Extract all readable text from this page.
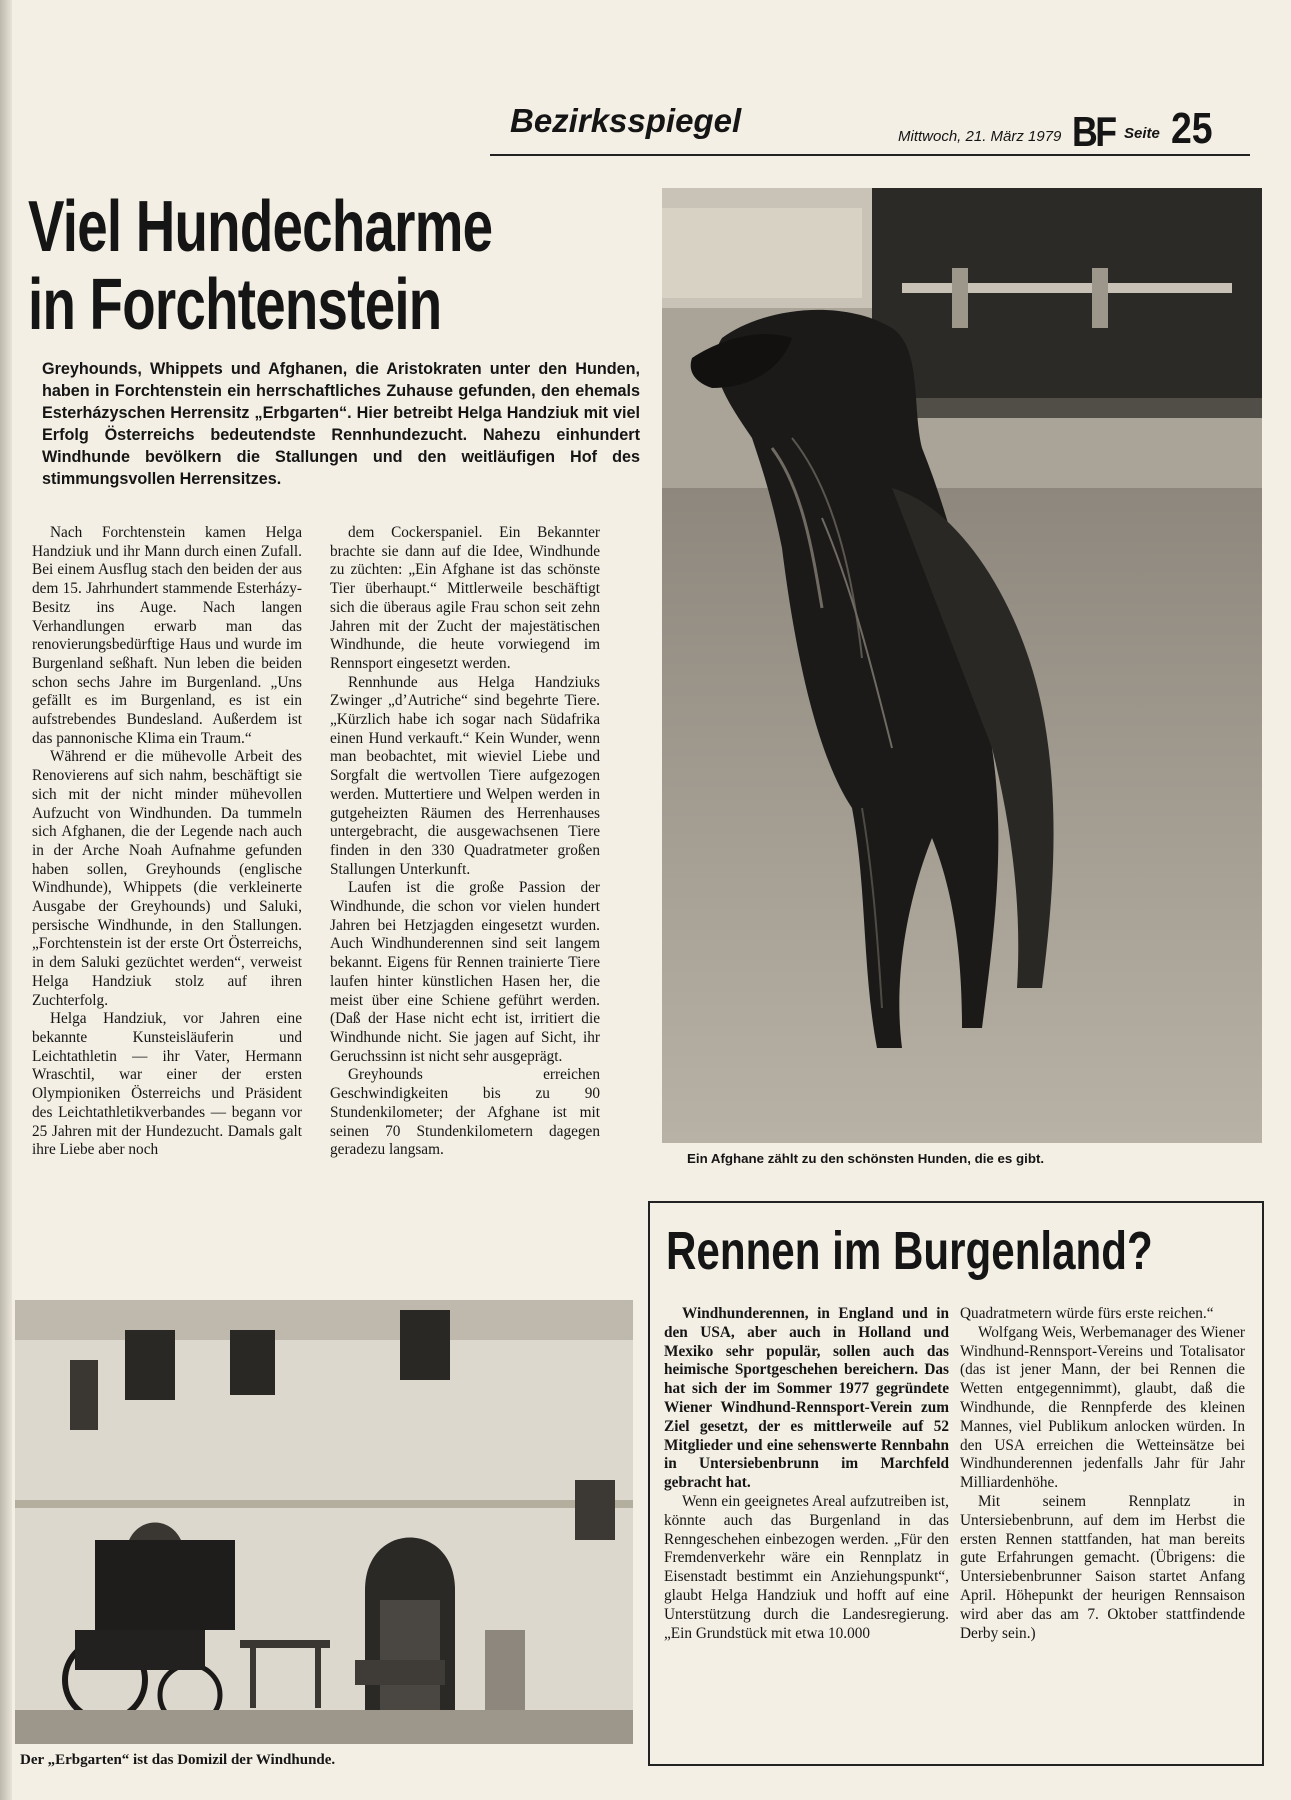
Bezirksspiegel	Mittwoch, 21. März 1979 BF Seite 25
Viel Hundecharme
in Forchtenstein
Greyhounds, Whippets und Afghanen, die Aristokraten unter den Hunden, haben in Forchtenstein ein herrschaftliches Zuhause gefunden, den ehemals Esterházyschen Herrensitz „Erbgarten“. Hier betreibt Helga Handziuk mit viel Erfolg Österreichs bedeutendste Rennhundezucht. Nahezu einhundert Windhunde bevölkern die Stallungen und den weitläufigen Hof des stimmungsvollen Herrensitzes.

Nach Forchtenstein kamen Helga Handziuk und ihr Mann durch einen Zufall. Bei einem Ausflug stach den beiden der aus dem 15. Jahrhundert stammende Esterházy-Besitz ins Auge. Nach langen Verhandlungen erwarb man das renovierungsbedürftige Haus und wurde im Burgenland seßhaft. Nun leben die beiden schon sechs Jahre im Burgenland. „Uns gefällt es im Burgenland, es ist ein aufstrebendes Bundesland. Außerdem ist das pannonische Klima ein Traum.“

Während er die mühevolle Arbeit des Renovierens auf sich nahm, beschäftigt sie sich mit der nicht minder mühevollen Aufzucht von Windhunden. Da tummeln sich Afghanen, die der Legende nach auch in der Arche Noah Aufnahme gefunden haben sollen, Greyhounds (englische Windhunde), Whippets (die verkleinerte Ausgabe der Greyhounds) und Saluki, persische Windhunde, in den Stallungen. „Forchtenstein ist der erste Ort Österreichs, in dem Saluki gezüchtet werden“, verweist Helga Handziuk stolz auf ihren Zuchterfolg.

Helga Handziuk, vor Jahren eine bekannte Kunsteisläuferin und Leichtathletin — ihr Vater, Hermann Wraschtil, war einer der ersten Olympioniken Österreichs und Präsident des Leichtathletikverbandes — begann vor 25 Jahren mit der Hundezucht. Damals galt ihre Liebe aber noch

dem Cockerspaniel. Ein Bekannter brachte sie dann auf die Idee, Windhunde zu züchten: „Ein Afghane ist das schönste Tier überhaupt.“ Mittlerweile beschäftigt sich die überaus agile Frau schon seit zehn Jahren mit der Zucht der majestätischen Windhunde, die heute vorwiegend im Rennsport eingesetzt werden.

Rennhunde aus Helga Handziuks Zwinger „d’Autriche“ sind begehrte Tiere. „Kürzlich habe ich sogar nach Südafrika einen Hund verkauft.“ Kein Wunder, wenn man beobachtet, mit wieviel Liebe und Sorgfalt die wertvollen Tiere aufgezogen werden. Muttertiere und Welpen werden in gutgeheizten Räumen des Herrenhauses untergebracht, die ausgewachsenen Tiere finden in den 330 Quadratmeter großen Stallungen Unterkunft.

Laufen ist die große Passion der Windhunde, die schon vor vielen hundert Jahren bei Hetzjagden eingesetzt wurden. Auch Windhunderennen sind seit langem bekannt. Eigens für Rennen trainierte Tiere laufen hinter künstlichen Hasen her, die meist über eine Schiene geführt werden. (Daß der Hase nicht echt ist, irritiert die Windhunde nicht. Sie jagen auf Sicht, ihr Geruchssinn ist nicht sehr ausgeprägt.

Greyhounds erreichen Geschwindigkeiten bis zu 90 Stundenkilometer; der Afghane ist mit seinen 70 Stundenkilometern dagegen geradezu langsam.

Ein Afghane zählt zu den schönsten Hunden, die es gibt.
Der „Erbgarten“ ist das Domizil der Windhunde.
Rennen im Burgenland?

Windhunderennen, in England und in den USA, aber auch in Holland und Mexiko sehr populär, sollen auch das heimische Sportgeschehen bereichern. Das hat sich der im Sommer 1977 gegründete Wiener Windhund-Rennsport-Verein zum Ziel gesetzt, der es mittlerweile auf 52 Mitglieder und eine sehenswerte Rennbahn in Untersiebenbrunn im Marchfeld gebracht hat.

Wenn ein geeignetes Areal aufzutreiben ist, könnte auch das Burgenland in das Renngeschehen einbezogen werden. „Für den Fremdenverkehr wäre ein Rennplatz in Eisenstadt bestimmt ein Anziehungspunkt“, glaubt Helga Handziuk und hofft auf eine Unterstützung durch die Landesregierung. „Ein Grundstück mit etwa 10.000

Quadratmetern würde fürs erste reichen.“

Wolfgang Weis, Werbemanager des Wiener Windhund-Rennsport-Vereins und Totalisator (das ist jener Mann, der bei Rennen die Wetten entgegennimmt), glaubt, daß die Windhunde, die Rennpferde des kleinen Mannes, viel Publikum anlocken würden. In den USA erreichen die Wetteinsätze bei Windhunderennen jedenfalls Jahr für Jahr Milliardenhöhe.

Mit seinem Rennplatz in Untersiebenbrunn, auf dem im Herbst die ersten Rennen stattfanden, hat man bereits gute Erfahrungen gemacht. (Übrigens: die Untersiebenbrunner Saison startet Anfang April. Höhepunkt der heurigen Rennsaison wird aber das am 7. Oktober stattfindende Derby sein.)
